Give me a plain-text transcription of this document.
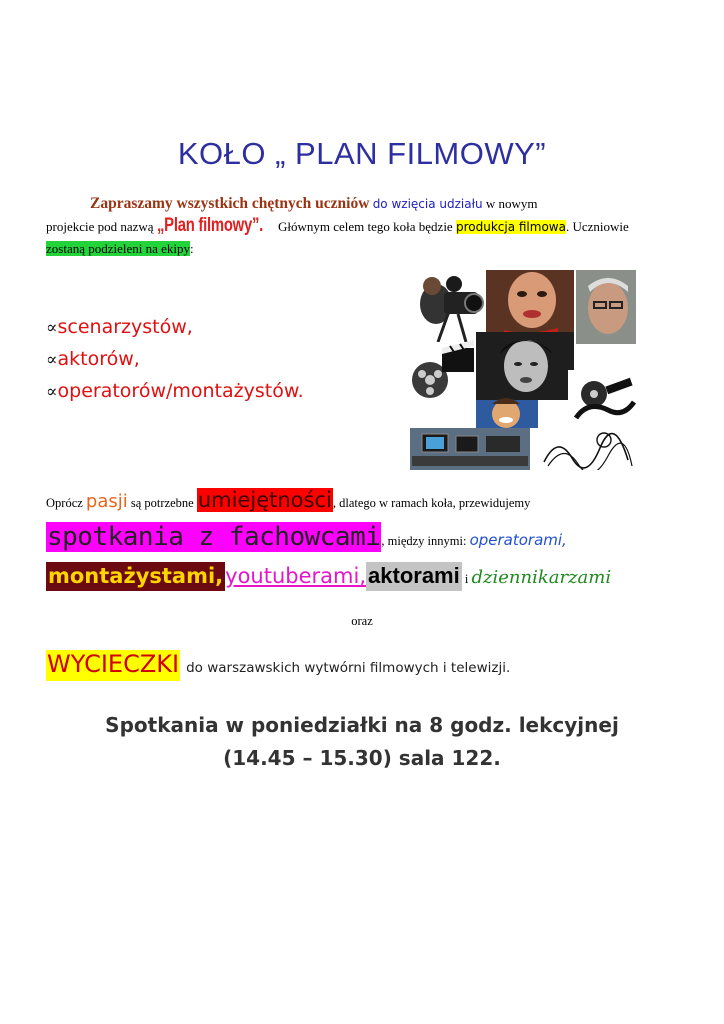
KOŁO „ PLAN FILMOWY”
Zapraszamy wszystkich chętnych uczniów do wzięcia udziału w nowym
projekcie pod nazwą „Plan filmowy”. Głównym celem tego koła będzie produkcja filmowa. Uczniowie
zostaną podzieleni na ekipy:
∝scenarzystów,
∝aktorów,
∝operatorów/montażystów.
Oprócz pasji są potrzebne umiejętności, dlatego w ramach koła, przewidujemy
spotkania z fachowcami, między innymi: operatorami,
montażystami,youtuberami,aktorami i dziennikarzami
oraz
WYCIECZKI do warszawskich wytwórni filmowych i telewizji.
Spotkania w poniedziałki na 8 godz. lekcyjnej
(14.45 – 15.30) sala 122.
